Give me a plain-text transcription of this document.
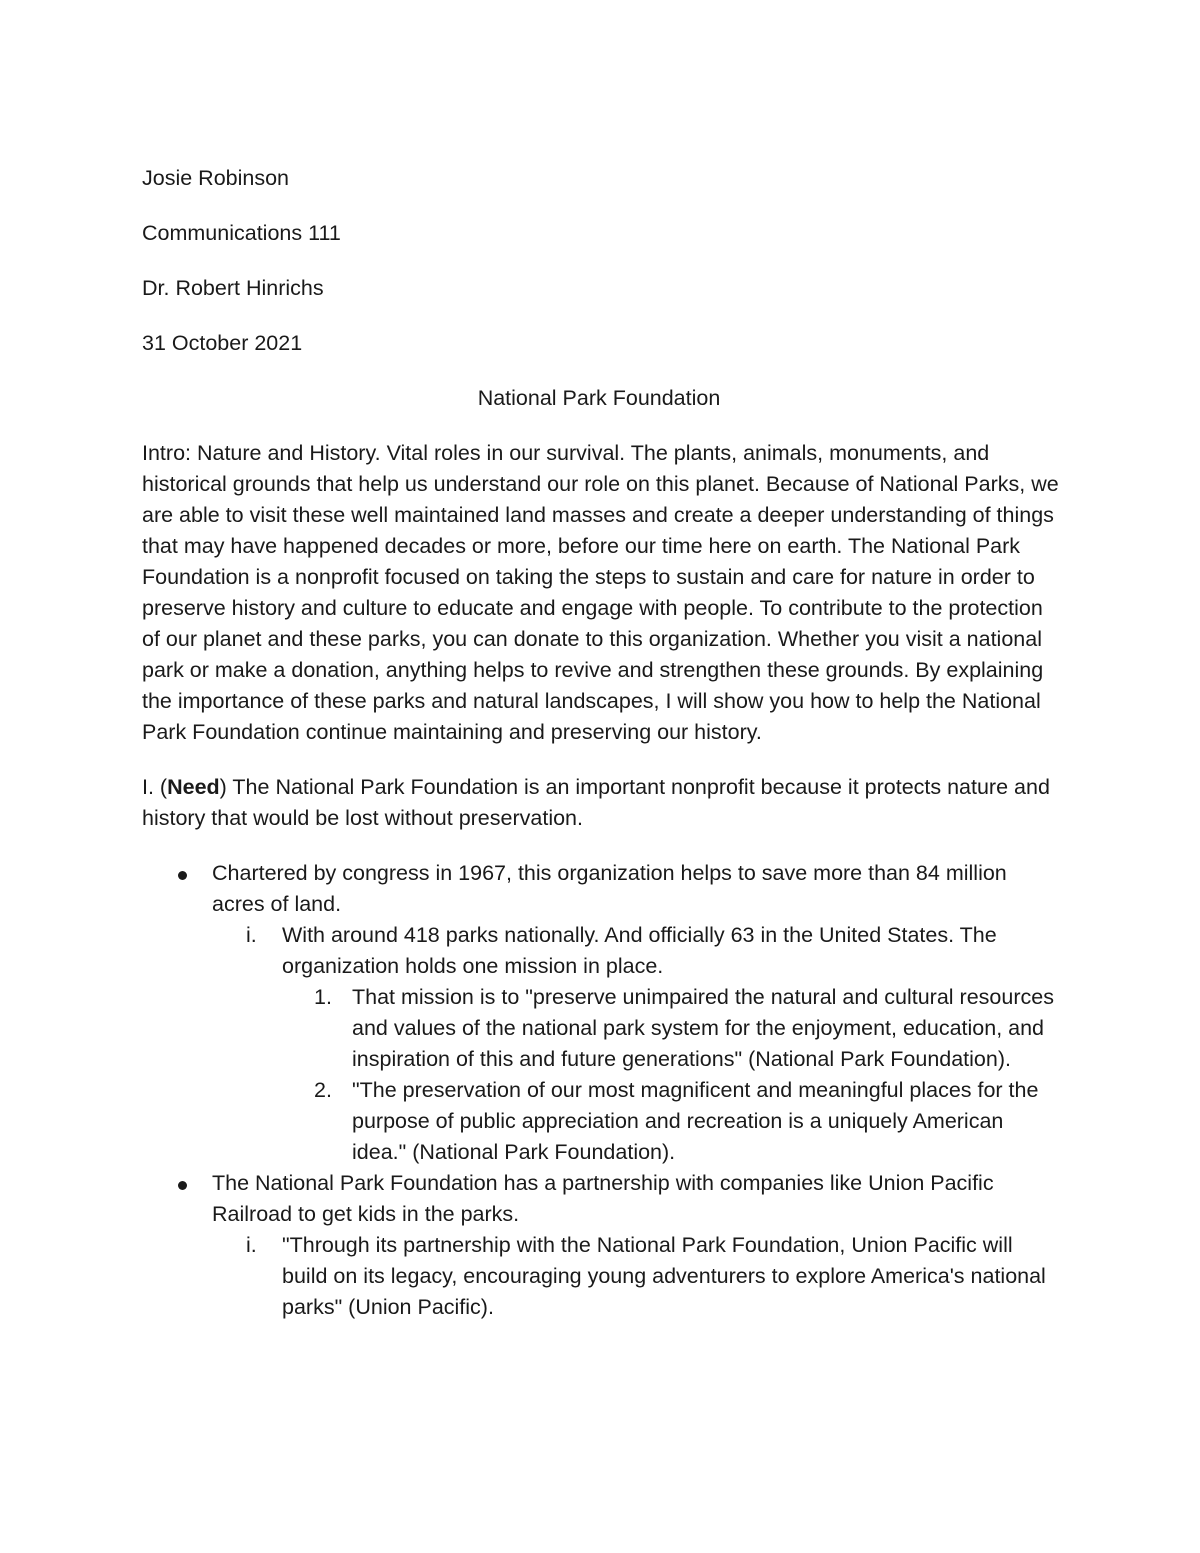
Josie Robinson
Communications 111
Dr. Robert Hinrichs
31 October 2021
National Park Foundation
Intro: Nature and History. Vital roles in our survival. The plants, animals, monuments, and historical grounds that help us understand our role on this planet. Because of National Parks, we are able to visit these well maintained land masses and create a deeper understanding of things that may have happened decades or more, before our time here on earth. The National Park Foundation is a nonprofit focused on taking the steps to sustain and care for nature in order to preserve history and culture to educate and engage with people. To contribute to the protection of our planet and these parks, you can donate to this organization. Whether you visit a national park or make a donation, anything helps to revive and strengthen these grounds. By explaining the importance of these parks and natural landscapes, I will show you how to help the National Park Foundation continue maintaining and preserving our history.
I. (Need) The National Park Foundation is an important nonprofit because it protects nature and history that would be lost without preservation.
Chartered by congress in 1967, this organization helps to save more than 84 million acres of land.
i.	With around 418 parks nationally. And officially 63 in the United States. The organization holds one mission in place.
1. That mission is to "preserve unimpaired the natural and cultural resources and values of the national park system for the enjoyment, education, and inspiration of this and future generations" (National Park Foundation).
2. "The preservation of our most magnificent and meaningful places for the purpose of public appreciation and recreation is a uniquely American idea." (National Park Foundation).
The National Park Foundation has a partnership with companies like Union Pacific Railroad to get kids in the parks.
i.	"Through its partnership with the National Park Foundation, Union Pacific will build on its legacy, encouraging young adventurers to explore America's national parks" (Union Pacific).
